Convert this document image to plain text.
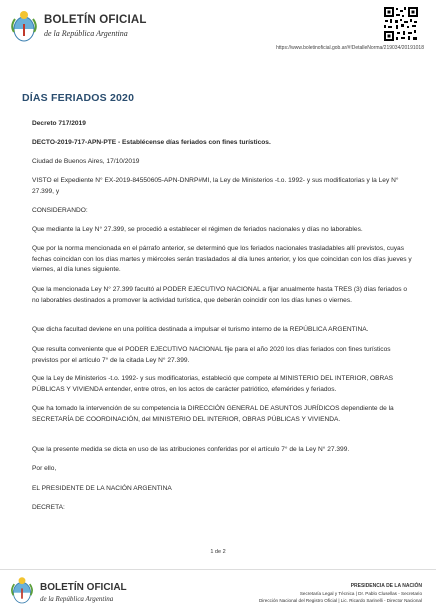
BOLETÍN OFICIAL
de la República Argentina
https://www.boletinoficial.gob.ar/#!DetalleNorma/219034/20191018
DÍAS FERIADOS 2020

Decreto 717/2019

DECTO-2019-717-APN-PTE - Establécense días feriados con fines turísticos.

Ciudad de Buenos Aires, 17/10/2019

VISTO el Expediente N° EX-2019-84550605-APN-DNRP#MI, la Ley de Ministerios -t.o. 1992- y sus modificatorias y la Ley N° 27.399, y

CONSIDERANDO:

Que mediante la Ley N° 27.399, se procedió a establecer el régimen de feriados nacionales y días no laborables.

Que por la norma mencionada en el párrafo anterior, se determinó que los feriados nacionales trasladables allí previstos, cuyas fechas coincidan con los días martes y miércoles serán trasladados al día lunes anterior, y los que coincidan con los días jueves y viernes, al día lunes siguiente.

Que la mencionada Ley N° 27.399 facultó al PODER EJECUTIVO NACIONAL a fijar anualmente hasta TRES (3) días feriados o no laborables destinados a promover la actividad turística, que deberán coincidir con los días lunes o viernes.

Que dicha facultad deviene en una política destinada a impulsar el turismo interno de la REPÚBLICA ARGENTINA.

Que resulta conveniente que el PODER EJECUTIVO NACIONAL fije para el año 2020 los días feriados con fines turísticos previstos por el artículo 7° de la citada Ley N° 27.399.

Que la Ley de Ministerios -t.o. 1992- y sus modificatorias, estableció que compete al MINISTERIO DEL INTERIOR, OBRAS PÚBLICAS Y VIVIENDA entender, entre otros, en los actos de carácter patriótico, efemérides y feriados.

Que ha tomado la intervención de su competencia la DIRECCIÓN GENERAL DE ASUNTOS JURÍDICOS dependiente de la SECRETARÍA DE COORDINACIÓN, del MINISTERIO DEL INTERIOR, OBRAS PÚBLICAS Y VIVIENDA.

Que la presente medida se dicta en uso de las atribuciones conferidas por el artículo 7° de la Ley N° 27.399.

Por ello,

EL PRESIDENTE DE LA NACIÓN ARGENTINA

DECRETA:

1 de 2
BOLETÍN OFICIAL
de la República Argentina
PRESIDENCIA DE LA NACIÓN
Secretaría Legal y Técnica | Dr. Pablo Clusellas - Secretario
Dirección Nacional del Registro Oficial | Lic. Ricardo Sarinelli - Director Nacional
